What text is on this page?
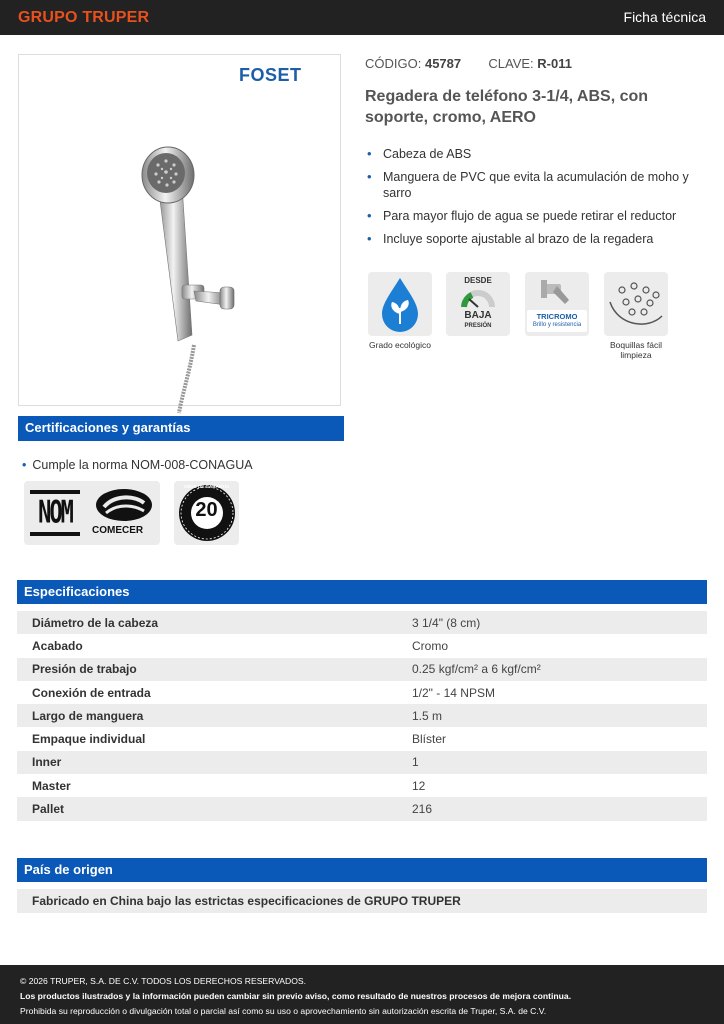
GRUPO TRUPER	Ficha técnica
FOSET
CÓDIGO: 45787 CLAVE: R-011
Regadera de teléfono 3-1/4, ABS, con soporte, cromo, AERO
• Cabeza de ABS
• Manguera de PVC que evita la acumulación de moho y sarro
• Para mayor flujo de agua se puede retirar el reductor
• Incluye soporte ajustable al brazo de la regadera
Grado ecológico
DESDE
BAJA
PRESIÓN
TRICROMO
Brillo y resistencia
Boquillas fácil limpieza
Certificaciones y garantías
• Cumple la norma NOM-008-CONAGUA
NOM COMECER
20
AÑOS DE GARANTÍA
Especificaciones
Diámetro de la cabeza	3 1/4" (8 cm)
Acabado	Cromo
Presión de trabajo	0.25 kgf/cm² a 6 kgf/cm²
Conexión de entrada	1/2" - 14 NPSM
Largo de manguera	1.5 m
Empaque individual	Blíster
Inner	1
Master	12
Pallet	216
País de origen
Fabricado en China bajo las estrictas especificaciones de GRUPO TRUPER
© 2026 TRUPER, S.A. DE C.V. TODOS LOS DERECHOS RESERVADOS.
Los productos ilustrados y la información pueden cambiar sin previo aviso, como resultado de nuestros procesos de mejora continua.
Prohibida su reproducción o divulgación total o parcial así como su uso o aprovechamiento sin autorización escrita de Truper, S.A. de C.V.
